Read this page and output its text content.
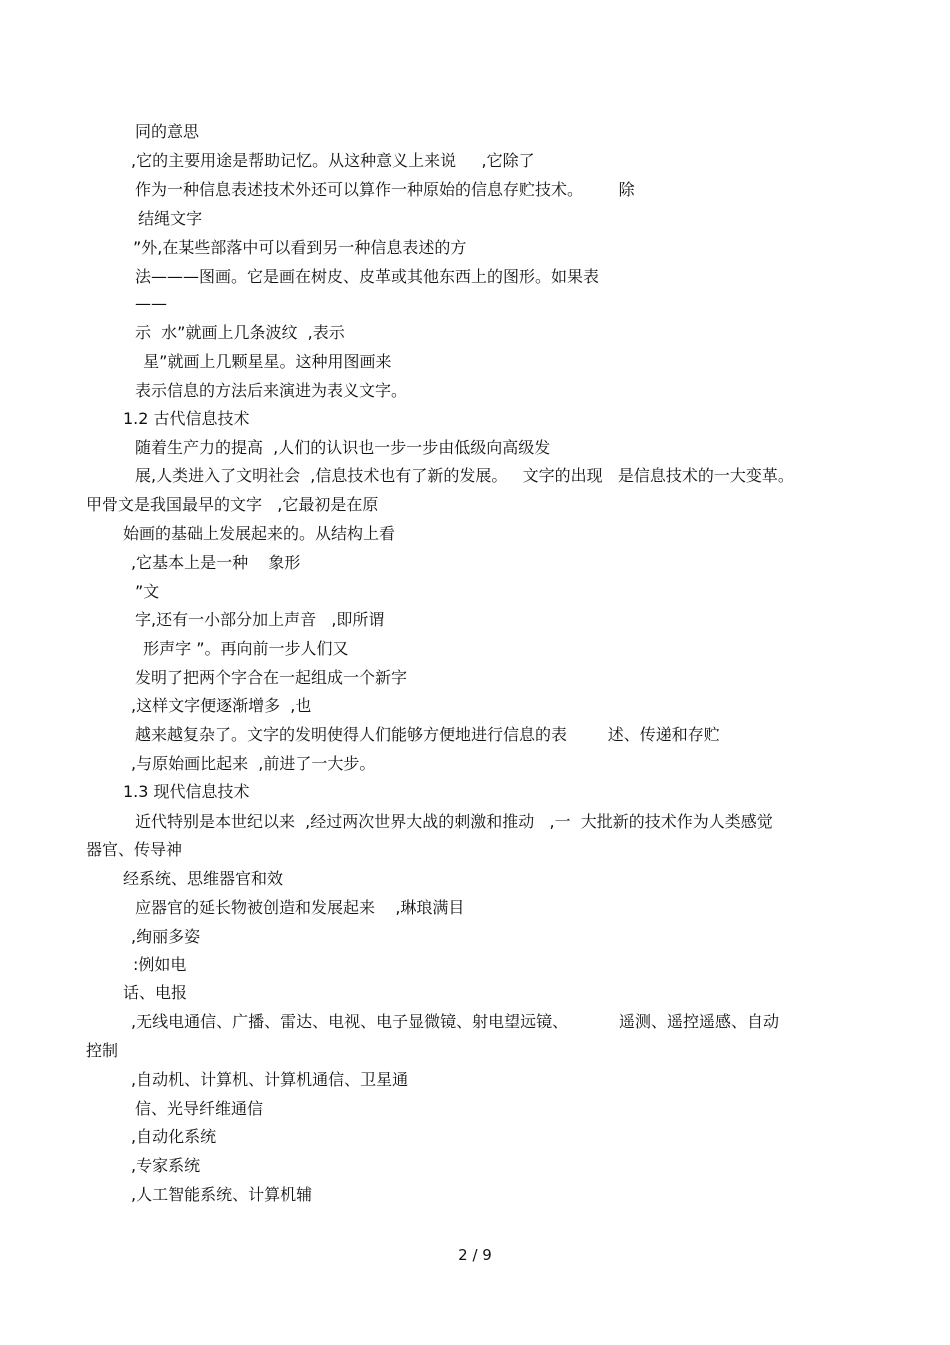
同的意思
,它的主要用途是帮助记忆。从这种意义上来说     ,它除了
作为一种信息表述技术外还可以算作一种原始的信息存贮技术。       除
结绳文字
”外,在某些部落中可以看到另一种信息表述的方
法———图画。它是画在树皮、皮革或其他东西上的图形。如果表
——
示  水”就画上几条波纹  ,表示
星”就画上几颗星星。这种用图画来
表示信息的方法后来演进为表义文字。
1.2 古代信息技术
随着生产力的提高  ,人们的认识也一步一步由低级向高级发
展,人类进入了文明社会  ,信息技术也有了新的发展。   文字的出现   是信息技术的一大变革。
甲骨文是我国最早的文字   ,它最初是在原
始画的基础上发展起来的。从结构上看
,它基本上是一种    象形
”文
字,还有一小部分加上声音   ,即所谓
形声字 ”。再向前一步人们又
发明了把两个字合在一起组成一个新字
,这样文字便逐渐增多  ,也
越来越复杂了。文字的发明使得人们能够方便地进行信息的表        述、传递和存贮
,与原始画比起来  ,前进了一大步。
1.3 现代信息技术
近代特别是本世纪以来  ,经过两次世界大战的刺激和推动   ,一  大批新的技术作为人类感觉
器官、传导神
经系统、思维器官和效
应器官的延长物被创造和发展起来    ,琳琅满目
,绚丽多姿
:例如电
话、电报
,无线电通信、广播、雷达、电视、电子显微镜、射电望远镜、          遥测、遥控遥感、自动
控制
,自动机、计算机、计算机通信、卫星通
信、光导纤维通信
,自动化系统
,专家系统
,人工智能系统、计算机辅
2 / 9
